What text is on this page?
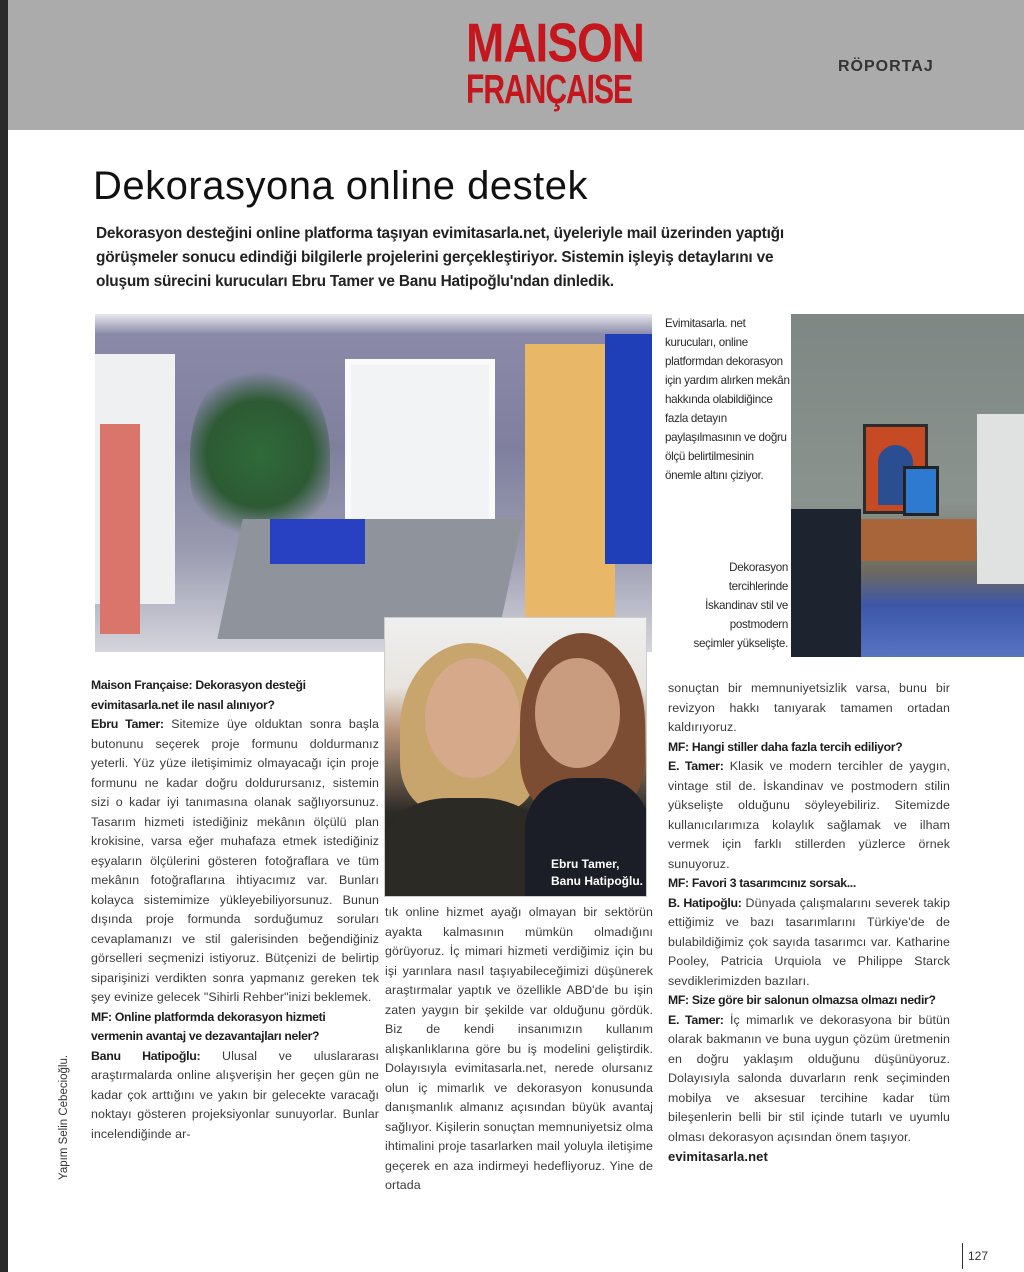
MAISON
FRANÇAISE
RÖPORTAJ
Dekorasyona online destek

Dekorasyon desteğini online platforma taşıyan evimitasarla.net, üyeleriyle mail üzerinden yaptığı görüşmeler sonucu edindiği bilgilerle projelerini gerçekleştiriyor. Sistemin işleyiş detaylarını ve oluşum sürecini kurucuları Ebru Tamer ve Banu Hatipoğlu'ndan dinledik.

Evimitasarla. net kurucuları, online platformdan dekorasyon için yardım alırken mekân hakkında olabildiğince fazla detayın paylaşılmasının ve doğru ölçü belirtilmesinin önemle altını çiziyor.
Dekorasyon tercihlerinde İskandinav stil ve postmodern seçimler yükselişte.
Ebru Tamer,
Banu Hatipoğlu.

Maison Française: Dekorasyon desteği evimitasarla.net ile nasıl alınıyor?

Ebru Tamer: Sitemize üye olduktan sonra başla butonunu seçerek proje formunu doldurmanız yeterli. Yüz yüze iletişimimiz olmayacağı için proje formunu ne kadar doğru doldurursanız, sistemin sizi o kadar iyi tanımasına olanak sağlıyorsunuz. Tasarım hizmeti istediğiniz mekânın ölçülü plan krokisine, varsa eğer muhafaza etmek istediğiniz eşyaların ölçülerini gösteren fotoğraflara ve tüm mekânın fotoğraflarına ihtiyacımız var. Bunları kolayca sistemimize yükleyebiliyorsunuz. Bunun dışında proje formunda sorduğumuz soruları cevaplamanızı ve stil galerisinden beğendiğiniz görselleri seçmenizi istiyoruz. Bütçenizi de belirtip siparişinizi verdikten sonra yapmanız gereken tek şey evinize gelecek "Sihirli Rehber"inizi beklemek.

MF: Online platformda dekorasyon hizmeti vermenin avantaj ve dezavantajları neler?

Banu Hatipoğlu: Ulusal ve uluslararası araştırmalarda online alışverişin her geçen gün ne kadar çok arttığını ve yakın bir gelecekte varacağı noktayı gösteren projeksiyonlar sunuyorlar. Bunlar incelendiğinde ar-

tık online hizmet ayağı olmayan bir sektörün ayakta kalmasının mümkün olmadığını görüyoruz. İç mimari hizmeti verdiğimiz için bu işi yarınlara nasıl taşıyabileceğimizi düşünerek araştırmalar yaptık ve özellikle ABD'de bu işin zaten yaygın bir şekilde var olduğunu gördük. Biz de kendi insanımızın kullanım alışkanlıklarına göre bu iş modelini geliştirdik. Dolayısıyla evimitasarla.net, nerede olursanız olun iç mimarlık ve dekorasyon konusunda danışmanlık almanız açısından büyük avantaj sağlıyor. Kişilerin sonuçtan memnuniyetsiz olma ihtimalini proje tasarlarken mail yoluyla iletişime geçerek en aza indirmeyi hedefliyoruz. Yine de ortada

sonuçtan bir memnuniyetsizlik varsa, bunu bir revizyon hakkı tanıyarak tamamen ortadan kaldırıyoruz.

MF: Hangi stiller daha fazla tercih ediliyor?

E. Tamer: Klasik ve modern tercihler de yaygın, vintage stil de. İskandinav ve postmodern stilin yükselişte olduğunu söyleyebiliriz. Sitemizde kullanıcılarımıza kolaylık sağlamak ve ilham vermek için farklı stillerden yüzlerce örnek sunuyoruz.

MF: Favori 3 tasarımcınız sorsak...

B. Hatipoğlu: Dünyada çalışmalarını severek takip ettiğimiz ve bazı tasarımlarını Türkiye'de de bulabildiğimiz çok sayıda tasarımcı var. Katharine Pooley, Patricia Urquiola ve Philippe Starck sevdiklerimizden bazıları.

MF: Size göre bir salonun olmazsa olmazı nedir?

E. Tamer: İç mimarlık ve dekorasyona bir bütün olarak bakmanın ve buna uygun çözüm üretmenin en doğru yaklaşım olduğunu düşünüyoruz. Dolayısıyla salonda duvarların renk seçiminden mobilya ve aksesuar tercihine kadar tüm bileşenlerin belli bir stil içinde tutarlı ve uyumlu olması dekorasyon açısından önem taşıyor.

evimitasarla.net

Yapım Selin Cebecioğlu.
127
